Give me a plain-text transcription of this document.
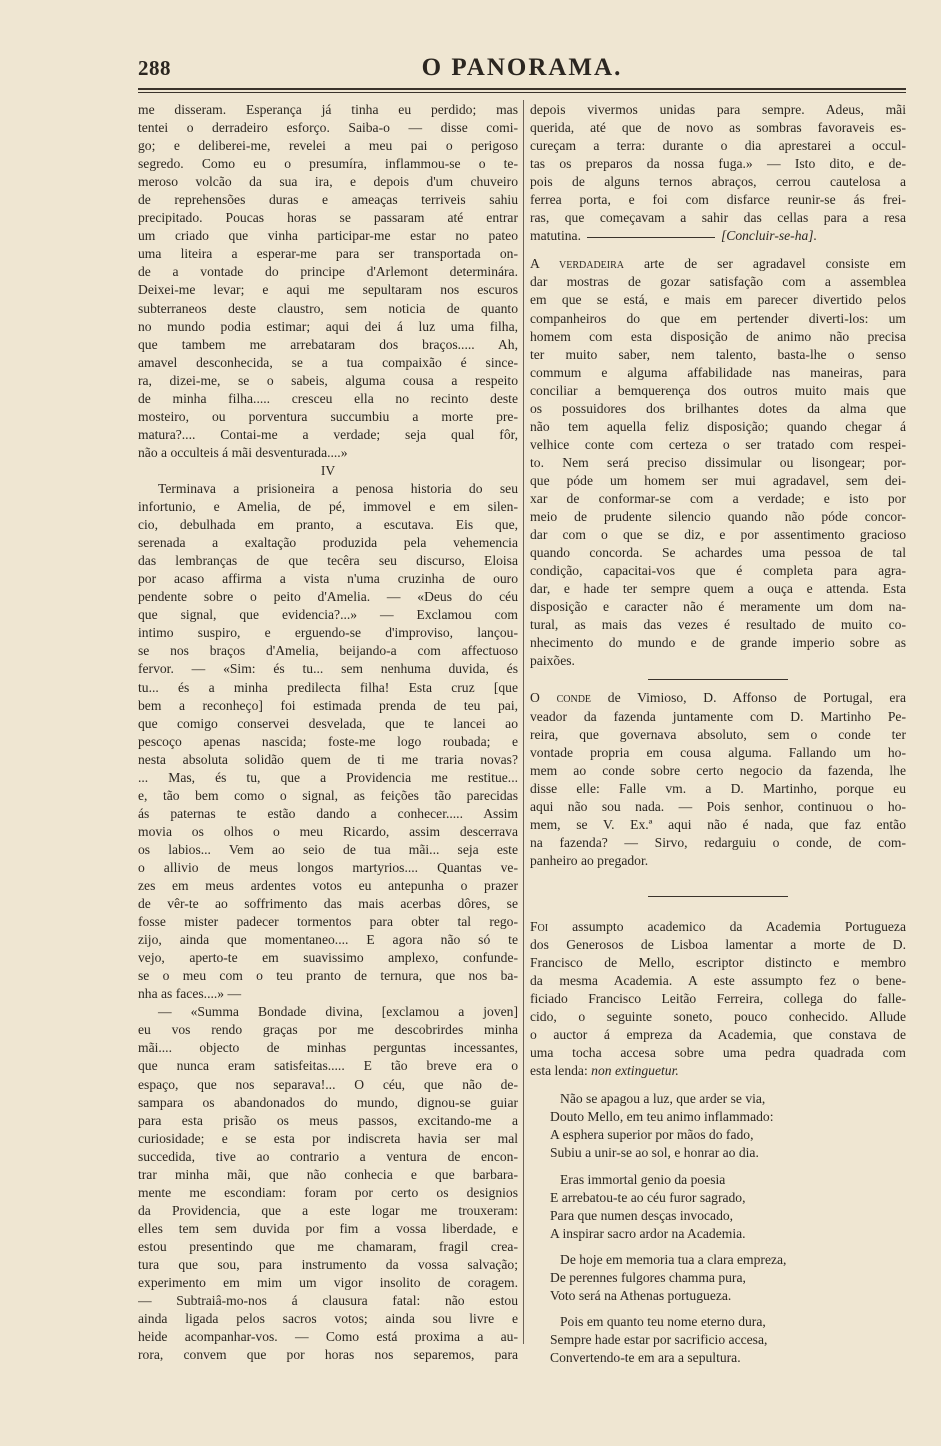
288	O PANORAMA.
me disseram. Esperança já tinha eu perdido; mas
tentei o derradeiro esforço. Saiba-o — disse comi-
go; e deliberei-me, revelei a meu pai o perigoso
segredo. Como eu o presumíra, inflammou-se o te-
meroso volcão da sua ira, e depois d'um chuveiro
de reprehensões duras e ameaças terriveis sahiu
precipitado. Poucas horas se passaram até entrar
um criado que vinha participar-me estar no pateo
uma liteira a esperar-me para ser transportada on-
de a vontade do principe d'Arlemont determinára.
Deixei-me levar; e aqui me sepultaram nos escuros
subterraneos deste claustro, sem noticia de quanto
no mundo podia estimar; aqui dei á luz uma filha,
que tambem me arrebataram dos braços..... Ah,
amavel desconhecida, se a tua compaixão é since-
ra, dizei-me, se o sabeis, alguma cousa a respeito
de minha filha..... cresceu ella no recinto deste
mosteiro, ou porventura succumbiu a morte pre-
matura?.... Contai-me a verdade; seja qual fôr,
não a occulteis á mãi desventurada....»
IV
Terminava a prisioneira a penosa historia do seu
infortunio, e Amelia, de pé, immovel e em silen-
cio, debulhada em pranto, a escutava. Eis que,
serenada a exaltação produzida pela vehemencia
das lembranças de que tecêra seu discurso, Eloisa
por acaso affirma a vista n'uma cruzinha de ouro
pendente sobre o peito d'Amelia. — «Deus do céu
que signal, que evidencia?...» — Exclamou com
intimo suspiro, e erguendo-se d'improviso, lançou-
se nos braços d'Amelia, beijando-a com affectuoso
fervor. — «Sim: és tu... sem nenhuma duvida, és
tu... és a minha predilecta filha! Esta cruz [que
bem a reconheço] foi estimada prenda de teu pai,
que comigo conservei desvelada, que te lancei ao
pescoço apenas nascida; foste-me logo roubada; e
nesta absoluta solidão quem de ti me traria novas?
... Mas, és tu, que a Providencia me restitue...
e, tão bem como o signal, as feições tão parecidas
ás paternas te estão dando a conhecer..... Assim
movia os olhos o meu Ricardo, assim descerrava
os labios... Vem ao seio de tua mãi... seja este
o allivio de meus longos martyrios.... Quantas ve-
zes em meus ardentes votos eu antepunha o prazer
de vêr-te ao soffrimento das mais acerbas dôres, se
fosse mister padecer tormentos para obter tal rego-
zijo, ainda que momentaneo.... E agora não só te
vejo, aperto-te em suavissimo amplexo, confunde-
se o meu com o teu pranto de ternura, que nos ba-
nha as faces....» —
— «Summa Bondade divina, [exclamou a joven]
eu vos rendo graças por me descobrirdes minha
mãi.... objecto de minhas perguntas incessantes,
que nunca eram satisfeitas..... E tão breve era o
espaço, que nos separava!... O céu, que não de-
sampara os abandonados do mundo, dignou-se guiar
para esta prisão os meus passos, excitando-me a
curiosidade; e se esta por indiscreta havia ser mal
succedida, tive ao contrario a ventura de encon-
trar minha mãi, que não conhecia e que barbara-
mente me escondiam: foram por certo os designios
da Providencia, que a este logar me trouxeram:
elles tem sem duvida por fim a vossa liberdade, e
estou presentindo que me chamaram, fragil crea-
tura que sou, para instrumento da vossa salvação;
experimento em mim um vigor insolito de coragem.
— Subtraiâ-mo-nos á clausura fatal: não estou
ainda ligada pelos sacros votos; ainda sou livre e
heide acompanhar-vos. — Como está proxima a au-
rora, convem que por horas nos separemos, para
depois vivermos unidas para sempre. Adeus, mãi
querida, até que de novo as sombras favoraveis es-
cureçam a terra: durante o dia aprestarei a occul-
tas os preparos da nossa fuga.» — Isto dito, e de-
pois de alguns ternos abraços, cerrou cautelosa a
ferrea porta, e foi com disfarce reunir-se ás frei-
ras, que começavam a sahir das cellas para a resa
matutina.	[Concluir-se-ha].
A verdadeira arte de ser agradavel consiste em
dar mostras de gozar satisfação com a assemblea
em que se está, e mais em parecer divertido pelos
companheiros do que em pertender diverti-los: um
homem com esta disposição de animo não precisa
ter muito saber, nem talento, basta-lhe o senso
commum e alguma affabilidade nas maneiras, para
conciliar a bemquerença dos outros muito mais que
os possuidores dos brilhantes dotes da alma que
não tem aquella feliz disposição; quando chegar á
velhice conte com certeza o ser tratado com respei-
to. Nem será preciso dissimular ou lisongear; por-
que póde um homem ser mui agradavel, sem dei-
xar de conformar-se com a verdade; e isto por
meio de prudente silencio quando não póde concor-
dar com o que se diz, e por assentimento gracioso
quando concorda. Se achardes uma pessoa de tal
condição, capacitai-vos que é completa para agra-
dar, e hade ter sempre quem a ouça e attenda. Esta
disposição e caracter não é meramente um dom na-
tural, as mais das vezes é resultado de muito co-
nhecimento do mundo e de grande imperio sobre as
paixões.
O conde de Vimioso, D. Affonso de Portugal, era
veador da fazenda juntamente com D. Martinho Pe-
reira, que governava absoluto, sem o conde ter
vontade propria em cousa alguma. Fallando um ho-
mem ao conde sobre certo negocio da fazenda, lhe
disse elle: Falle vm. a D. Martinho, porque eu
aqui não sou nada. — Pois senhor, continuou o ho-
mem, se V. Ex.ª aqui não é nada, que faz então
na fazenda? — Sirvo, redarguiu o conde, de com-
panheiro ao pregador.
Foi assumpto academico da Academia Portugueza
dos Generosos de Lisboa lamentar a morte de D.
Francisco de Mello, escriptor distincto e membro
da mesma Academia. A este assumpto fez o bene-
ficiado Francisco Leitão Ferreira, collega do falle-
cido, o seguinte soneto, pouco conhecido. Allude
o auctor á empreza da Academia, que constava de
uma tocha accesa sobre uma pedra quadrada com
esta lenda: non extinguetur.
Não se apagou a luz, que arder se via,
Douto Mello, em teu animo inflammado:
A esphera superior por mãos do fado,
Subiu a unir-se ao sol, e honrar ao dia.
Eras immortal genio da poesia
E arrebatou-te ao céu furor sagrado,
Para que numen desças invocado,
A inspirar sacro ardor na Academia.
De hoje em memoria tua a clara empreza,
De perennes fulgores chamma pura,
Voto será na Athenas portugueza.
Pois em quanto teu nome eterno dura,
Sempre hade estar por sacrificio accesa,
Convertendo-te em ara a sepultura.
